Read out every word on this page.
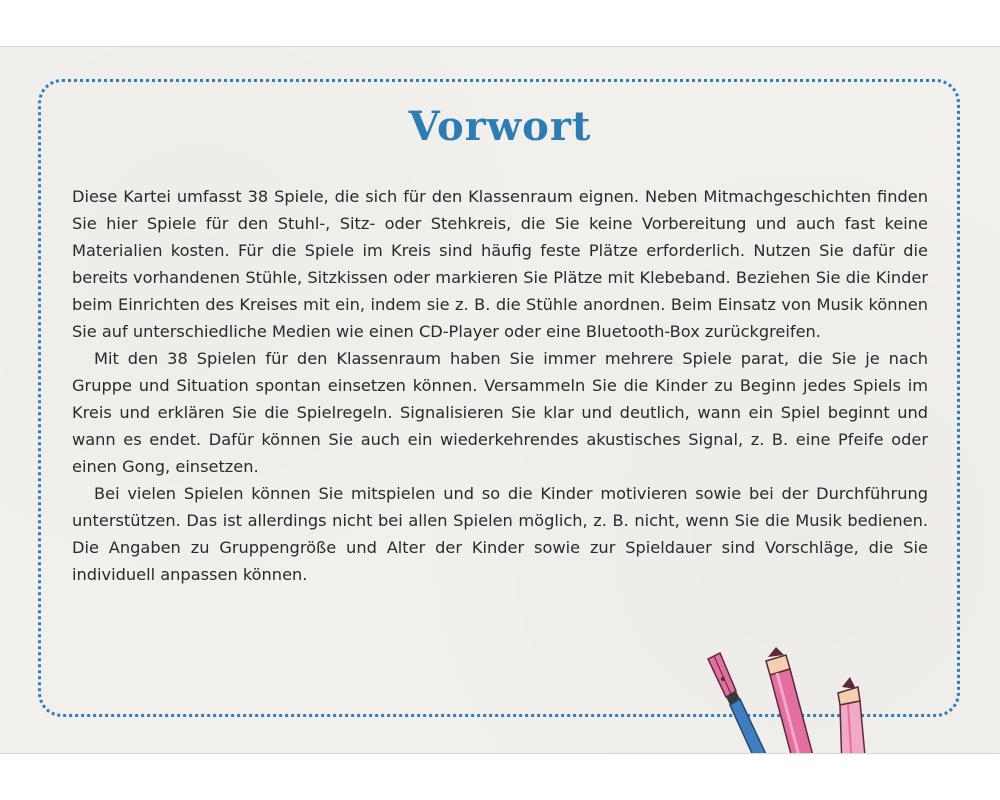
Vorwort

Diese Kartei umfasst 38 Spiele, die sich für den Klassenraum eignen. Neben Mitmachgeschichten finden Sie hier Spiele für den Stuhl-, Sitz- oder Stehkreis, die Sie keine Vorbereitung und auch fast keine Materialien kosten. Für die Spiele im Kreis sind häufig feste Plätze erforderlich. Nutzen Sie dafür die bereits vorhandenen Stühle, Sitzkissen oder markieren Sie Plätze mit Klebeband. Beziehen Sie die Kinder beim Einrichten des Kreises mit ein, indem sie z. B. die Stühle anordnen. Beim Einsatz von Musik können Sie auf unterschiedliche Medien wie einen CD-Player oder eine Bluetooth-Box zurückgreifen.

Mit den 38 Spielen für den Klassenraum haben Sie immer mehrere Spiele parat, die Sie je nach Gruppe und Situation spontan einsetzen können. Versammeln Sie die Kinder zu Beginn jedes Spiels im Kreis und erklären Sie die Spielregeln. Signalisieren Sie klar und deutlich, wann ein Spiel beginnt und wann es endet. Dafür können Sie auch ein wiederkehrendes akustisches Signal, z. B. eine Pfeife oder einen Gong, einsetzen.

Bei vielen Spielen können Sie mitspielen und so die Kinder motivieren sowie bei der Durchführung unterstützen. Das ist allerdings nicht bei allen Spielen möglich, z. B. nicht, wenn Sie die Musik bedienen. Die Angaben zu Gruppengröße und Alter der Kinder sowie zur Spieldauer sind Vorschläge, die Sie individuell anpassen können.
